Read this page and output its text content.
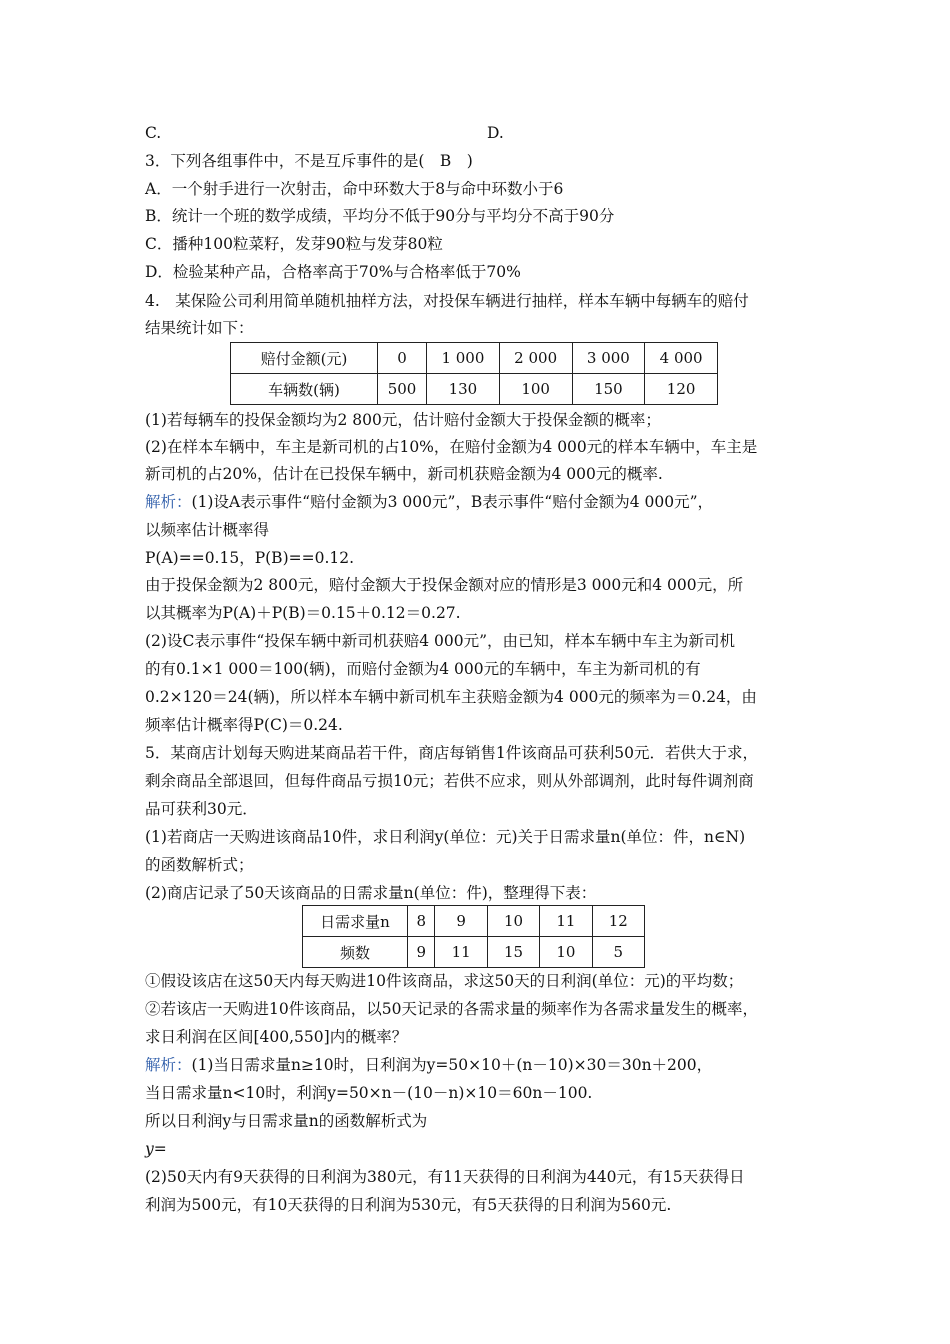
C.	D.
3．下列各组事件中，不是互斥事件的是(　B　)
A．一个射手进行一次射击，命中环数大于8与命中环数小于6
B．统计一个班的数学成绩，平均分不低于90分与平均分不高于90分
C．播种100粒菜籽，发芽90粒与发芽80粒
D．检验某种产品，合格率高于70%与合格率低于70%
4.　某保险公司利用简单随机抽样方法，对投保车辆进行抽样，样本车辆中每辆车的赔付
结果统计如下：
赔付金额(元)	0	1 000	2 000	3 000	4 000
车辆数(辆)	500	130	100	150	120
(1)若每辆车的投保金额均为2 800元，估计赔付金额大于投保金额的概率；
(2)在样本车辆中，车主是新司机的占10%，在赔付金额为4 000元的样本车辆中，车主是
新司机的占20%，估计在已投保车辆中，新司机获赔金额为4 000元的概率.
解析：(1)设A表示事件“赔付金额为3 000元”，B表示事件“赔付金额为4 000元”，
以频率估计概率得
P(A)==0.15，P(B)==0.12.
由于投保金额为2 800元，赔付金额大于投保金额对应的情形是3 000元和4 000元，所
以其概率为P(A)＋P(B)＝0.15＋0.12＝0.27.
(2)设C表示事件“投保车辆中新司机获赔4 000元”，由已知，样本车辆中车主为新司机
的有0.1×1 000＝100(辆)，而赔付金额为4 000元的车辆中，车主为新司机的有
0.2×120＝24(辆)，所以样本车辆中新司机车主获赔金额为4 000元的频率为＝0.24，由
频率估计概率得P(C)＝0.24.
5．某商店计划每天购进某商品若干件，商店每销售1件该商品可获利50元．若供大于求，
剩余商品全部退回，但每件商品亏损10元；若供不应求，则从外部调剂，此时每件调剂商
品可获利30元．
(1)若商店一天购进该商品10件，求日利润y(单位：元)关于日需求量n(单位：件，n∈N)
的函数解析式；
(2)商店记录了50天该商品的日需求量n(单位：件)，整理得下表：
日需求量n	8	9	10	11	12
频数	9	11	15	10	5
①假设该店在这50天内每天购进10件该商品，求这50天的日利润(单位：元)的平均数；
②若该店一天购进10件该商品，以50天记录的各需求量的频率作为各需求量发生的概率，
求日利润在区间[400,550]内的概率？
解析：(1)当日需求量n≥10时，日利润为y=50×10＋(n－10)×30＝30n＋200，
当日需求量n<10时，利润y=50×n－(10－n)×10＝60n－100.
所以日利润y与日需求量n的函数解析式为
y=
(2)50天内有9天获得的日利润为380元，有11天获得的日利润为440元，有15天获得日
利润为500元，有10天获得的日利润为530元，有5天获得的日利润为560元.
